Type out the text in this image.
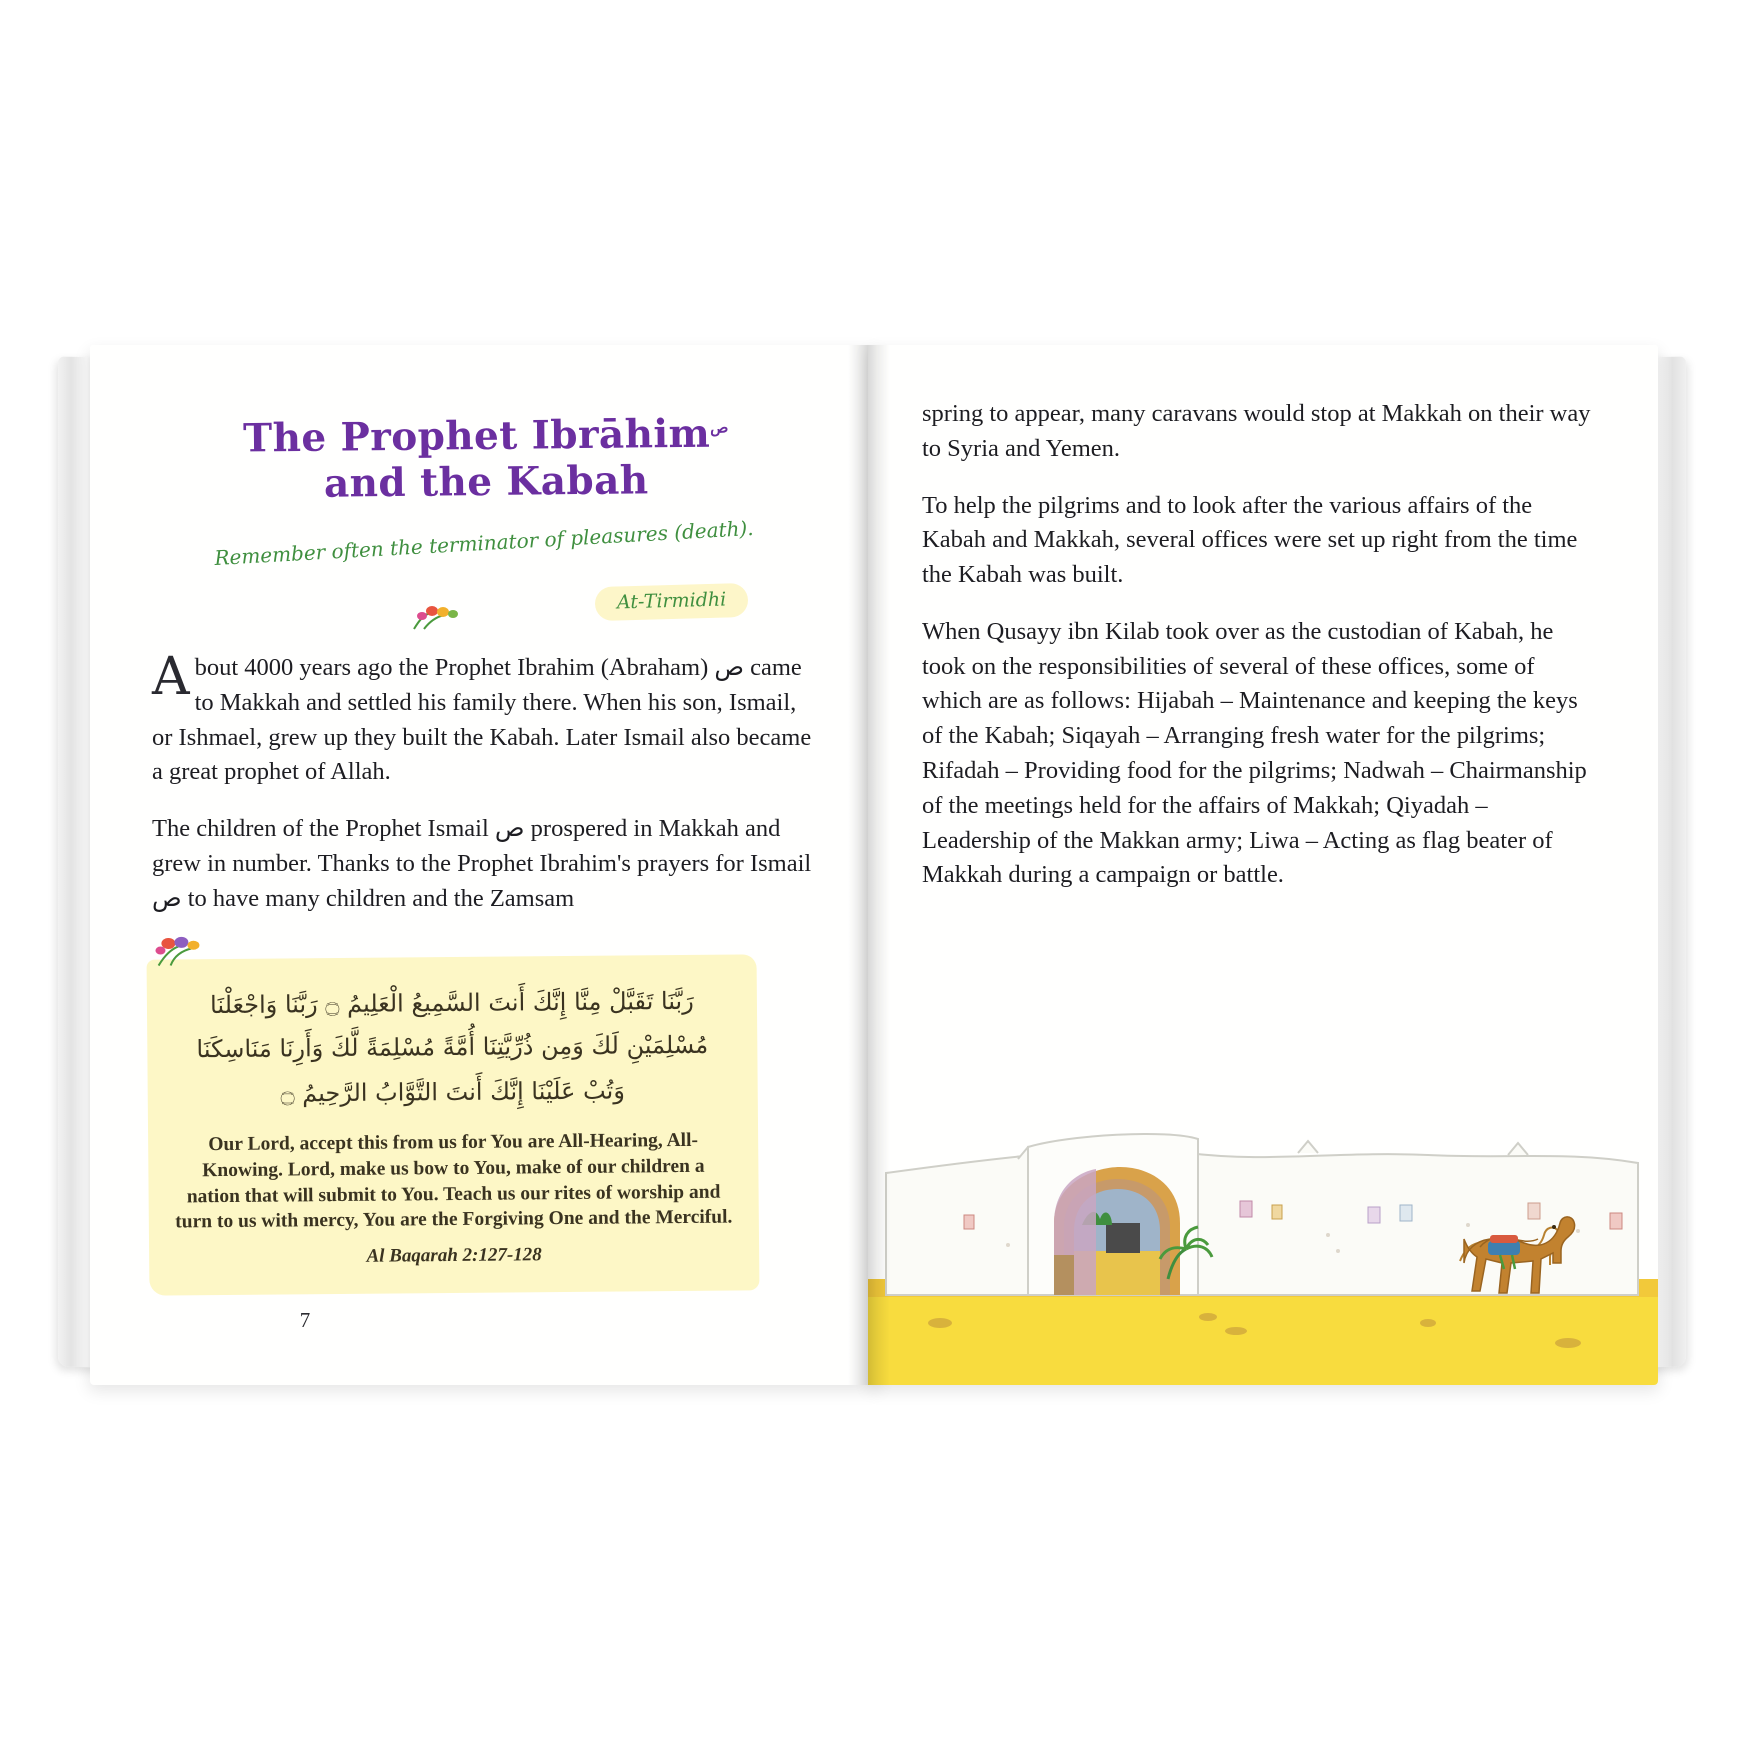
The Prophet Ibrāhim$^ص$
and the Kabah
Remember often the terminator of pleasures (death).
At-Tirmidhi

About 4000 years ago the Prophet Ibrahim (Abraham) ص came to Makkah and settled his family there. When his son, Ismail, or Ishmael, grew up they built the Kabah. Later Ismail also became a great prophet of Allah.

The children of the Prophet Ismail ص prospered in Makkah and grew in number. Thanks to the Prophet Ibrahim's prayers for Ismail ص to have many children and the Zamsam

رَبَّنَا تَقَبَّلْ مِنَّا إِنَّكَ أَنتَ السَّمِيعُ الْعَلِيمُ ۝ رَبَّنَا وَاجْعَلْنَا
مُسْلِمَيْنِ لَكَ وَمِن ذُرِّيَّتِنَا أُمَّةً مُسْلِمَةً لَّكَ وَأَرِنَا مَنَاسِكَنَا
وَتُبْ عَلَيْنَا إِنَّكَ أَنتَ التَّوَّابُ الرَّحِيمُ ۝
Our Lord, accept this from us for You are All-Hearing, All-Knowing. Lord, make us bow to You, make of our children a nation that will submit to You. Teach us our rites of worship and turn to us with mercy, You are the Forgiving One and the Merciful.
Al Baqarah 2:127-128
7

spring to appear, many caravans would stop at Makkah on their way to Syria and Yemen.

To help the pilgrims and to look after the various affairs of the Kabah and Makkah, several offices were set up right from the time the Kabah was built.

When Qusayy ibn Kilab took over as the custodian of Kabah, he took on the responsibilities of several of these offices, some of which are as follows: Hijabah – Maintenance and keeping the keys of the Kabah; Siqayah – Arranging fresh water for the pilgrims; Rifadah – Providing food for the pilgrims; Nadwah – Chairmanship of the meetings held for the affairs of Makkah; Qiyadah – Leadership of the Makkan army; Liwa – Acting as flag beater of Makkah during a campaign or battle.
